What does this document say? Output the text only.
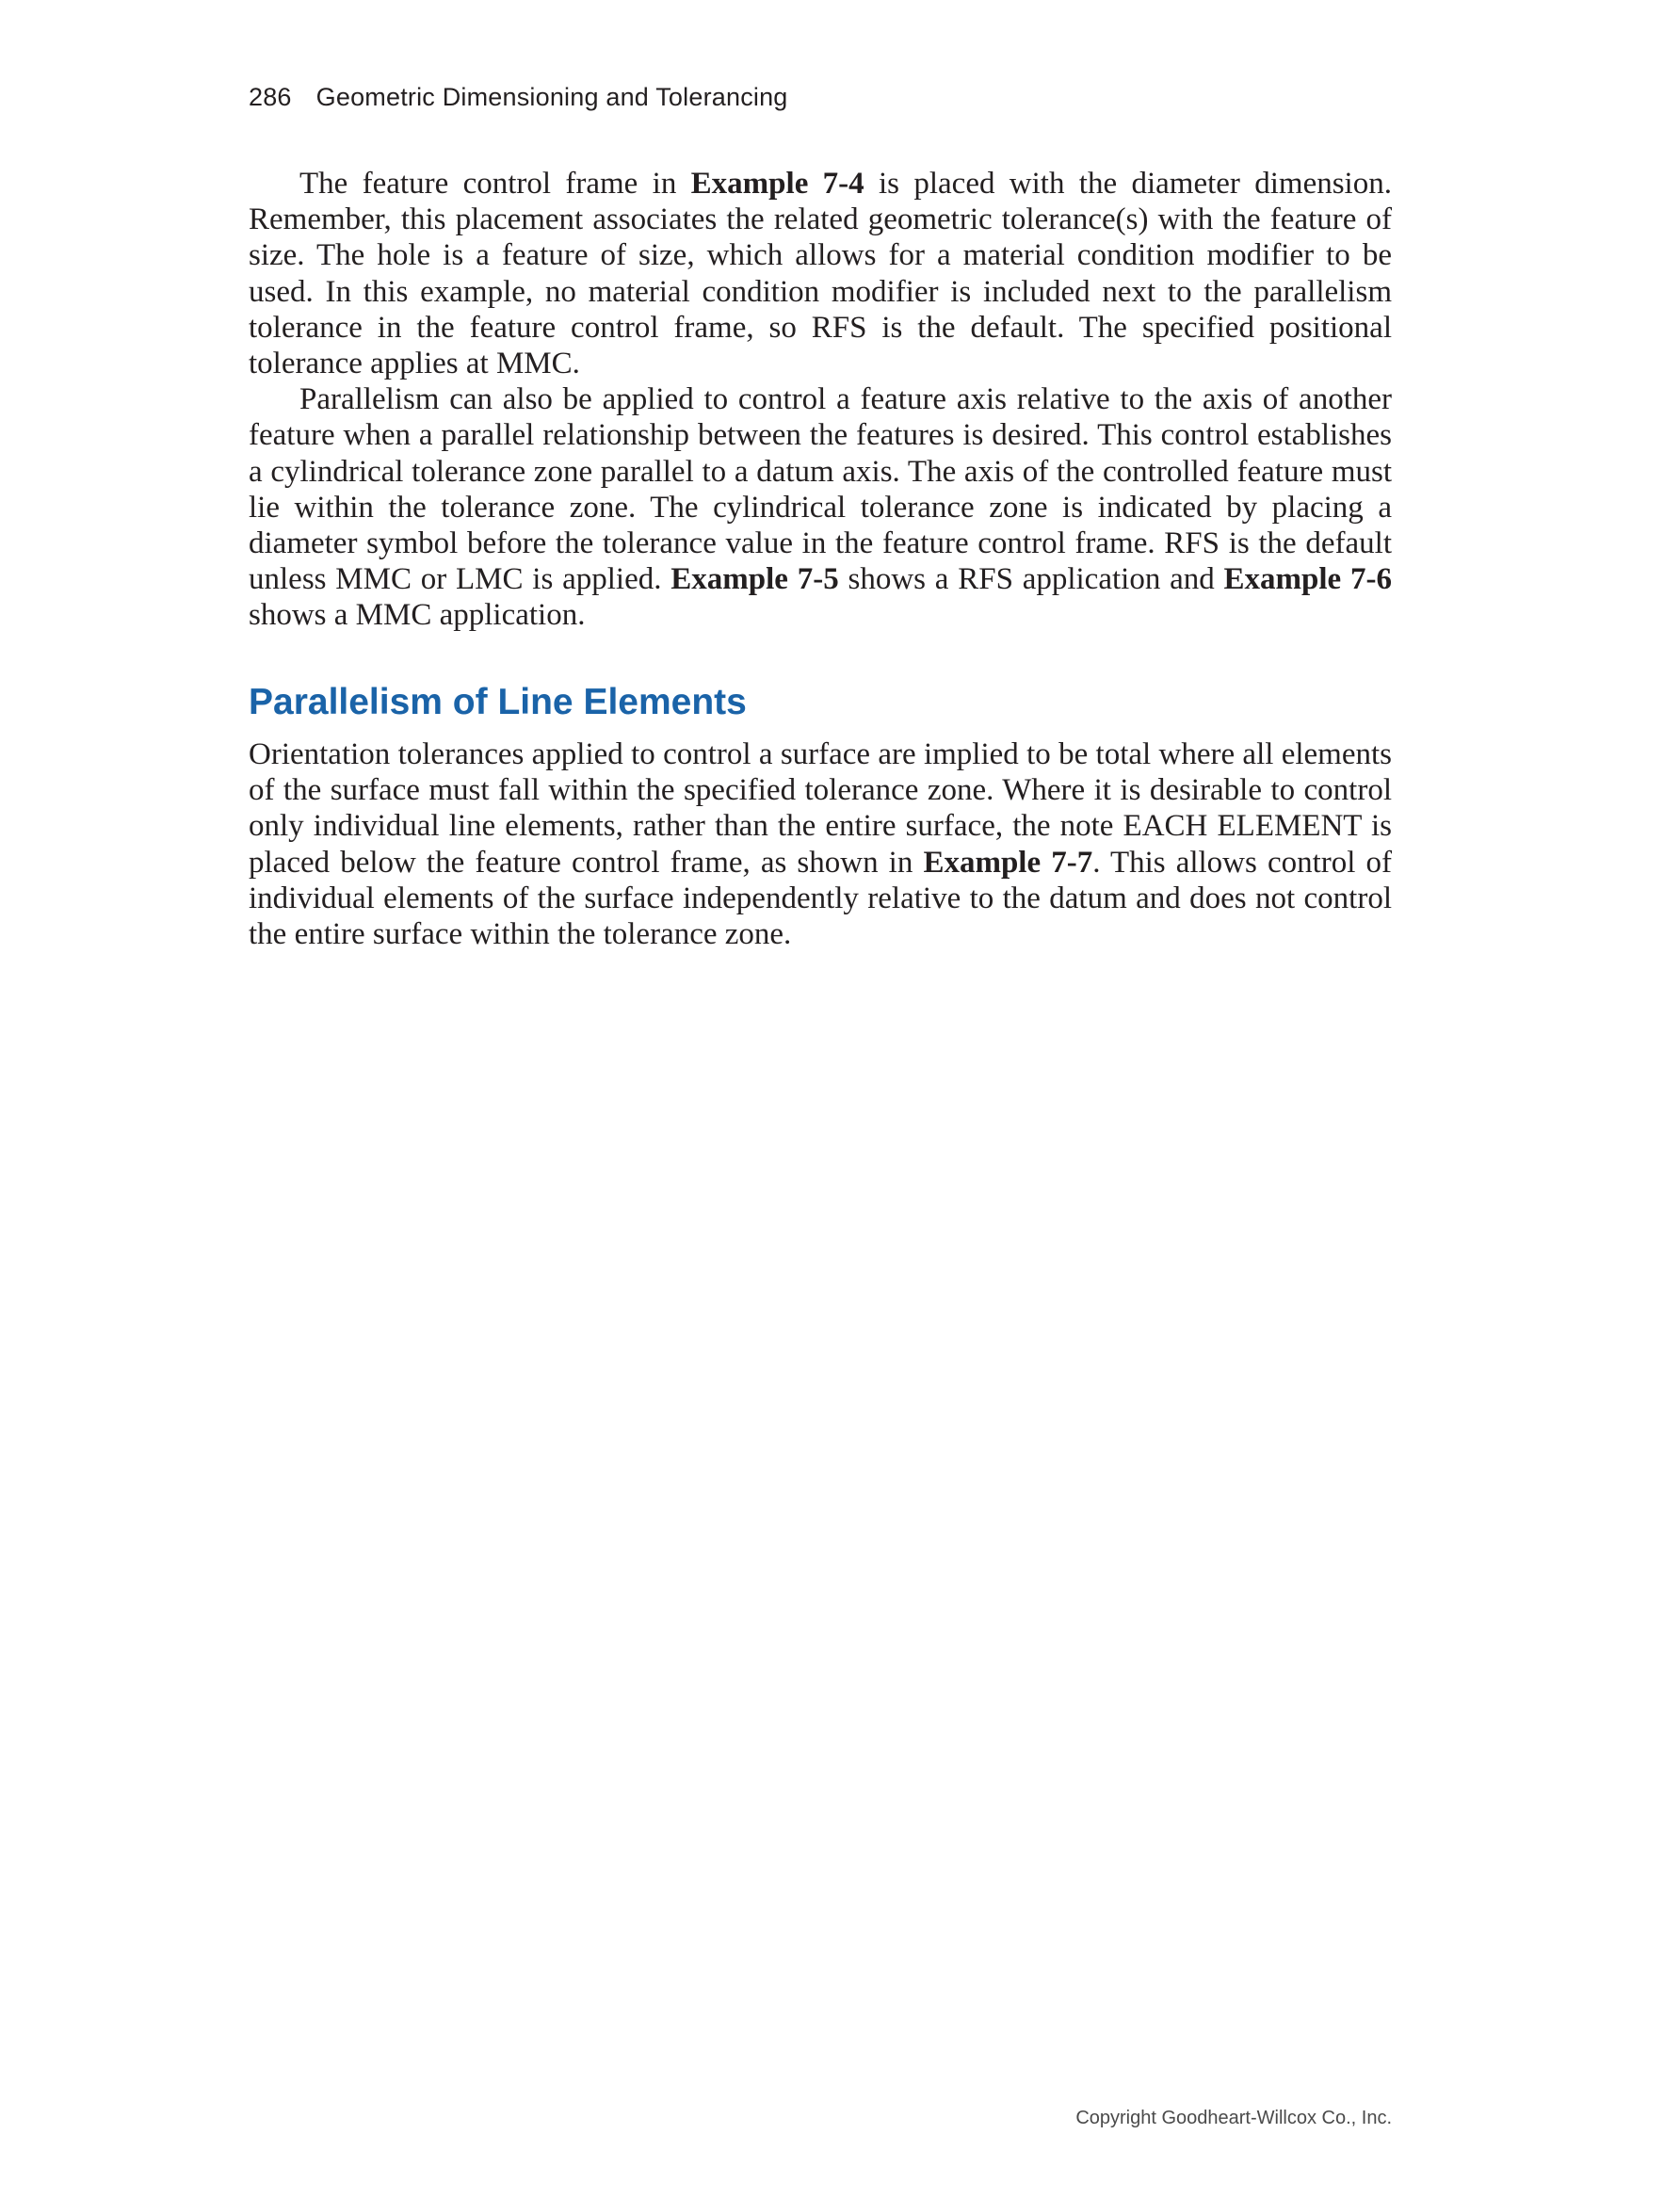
286 Geometric Dimensioning and Tolerancing

The feature control frame in Example 7-4 is placed with the diameter dimension. Remember, this placement associates the related geometric tolerance(s) with the feature of size. The hole is a feature of size, which allows for a material condition modifier to be used. In this example, no material condition modifier is included next to the parallelism tolerance in the feature control frame, so RFS is the default. The specified positional tolerance applies at MMC.

Parallelism can also be applied to control a feature axis relative to the axis of another feature when a parallel relationship between the features is desired. This control establishes a cylindrical tolerance zone parallel to a datum axis. The axis of the controlled feature must lie within the tolerance zone. The cylindrical tolerance zone is indicated by placing a diameter symbol before the tolerance value in the feature control frame. RFS is the default unless MMC or LMC is applied. Example 7-5 shows a RFS application and Example 7-6 shows a MMC application.

Parallelism of Line Elements

Orientation tolerances applied to control a surface are implied to be total where all elements of the surface must fall within the specified tolerance zone. Where it is desirable to control only individual line elements, rather than the entire surface, the note EACH ELEMENT is placed below the feature control frame, as shown in Example 7-7. This allows control of individual elements of the surface independently relative to the datum and does not control the entire surface within the tolerance zone.

Copyright Goodheart-Willcox Co., Inc.
